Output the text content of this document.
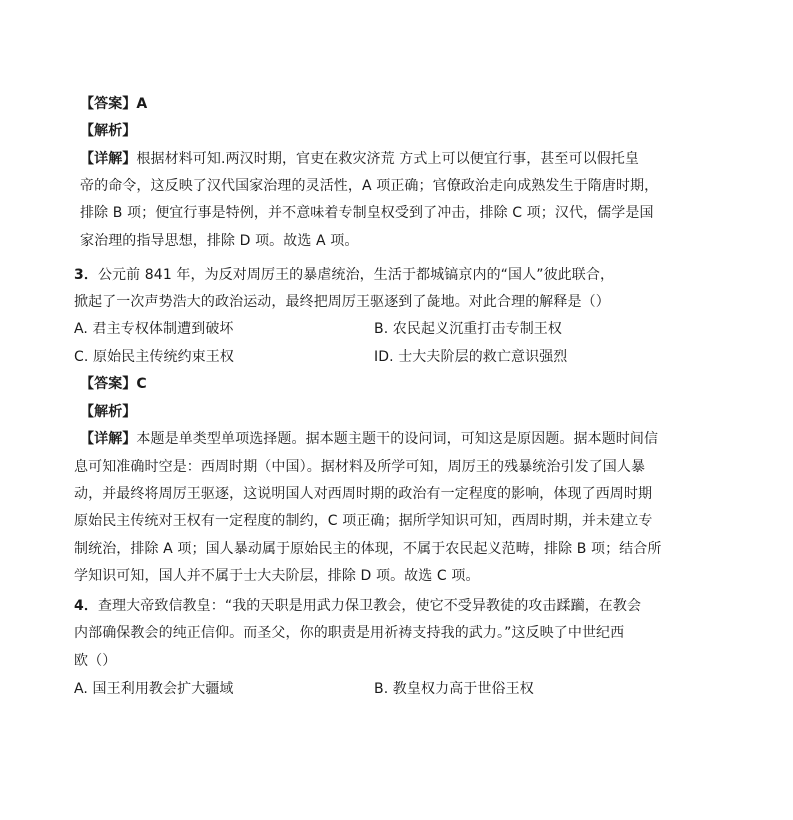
【答案】A
【解析】
【详解】根据材料可知.两汉时期，官吏在救灾济荒 方式上可以便宜行事，甚至可以假托皇
帝的命令，这反映了汉代国家治理的灵活性，A 项正确；官僚政治走向成熟发生于隋唐时期，
排除 B 项；便宜行事是特例，并不意味着专制皇权受到了冲击，排除 C 项；汉代，儒学是国
家治理的指导思想，排除 D 项。故选 A 项。
3．公元前 841 年，为反对周厉王的暴虐统治，生活于都城镐京内的“国人”彼此联合，
掀起了一次声势浩大的政治运动，最终把周厉王驱逐到了彘地。对此合理的解释是（）
A. 君主专权体制遭到破坏	B. 农民起义沉重打击专制王权
C. 原始民主传统约束王权	ID. 士大夫阶层的救亡意识强烈
【答案】C
【解析】
【详解】本题是单类型单项选择题。据本题主题干的设问词，可知这是原因题。据本题时间信
息可知准确时空是：西周时期（中国）。据材料及所学可知，周厉王的残暴统治引发了国人暴
动，并最终将周厉王驱逐，这说明国人对西周时期的政治有一定程度的影响，体现了西周时期
原始民主传统对王权有一定程度的制约，C 项正确；据所学知识可知，西周时期，并未建立专
制统治，排除 A 项；国人暴动属于原始民主的体现，不属于农民起义范畴，排除 B 项；结合所
学知识可知，国人并不属于士大夫阶层，排除 D 项。故选 C 项。
4．查理大帝致信教皇：“我的天职是用武力保卫教会，使它不受异教徒的攻击蹂躏，在教会
内部确保教会的纯正信仰。而圣父，你的职责是用祈祷支持我的武力。”这反映了中世纪西
欧（）
A. 国王利用教会扩大疆域	B. 教皇权力高于世俗王权
